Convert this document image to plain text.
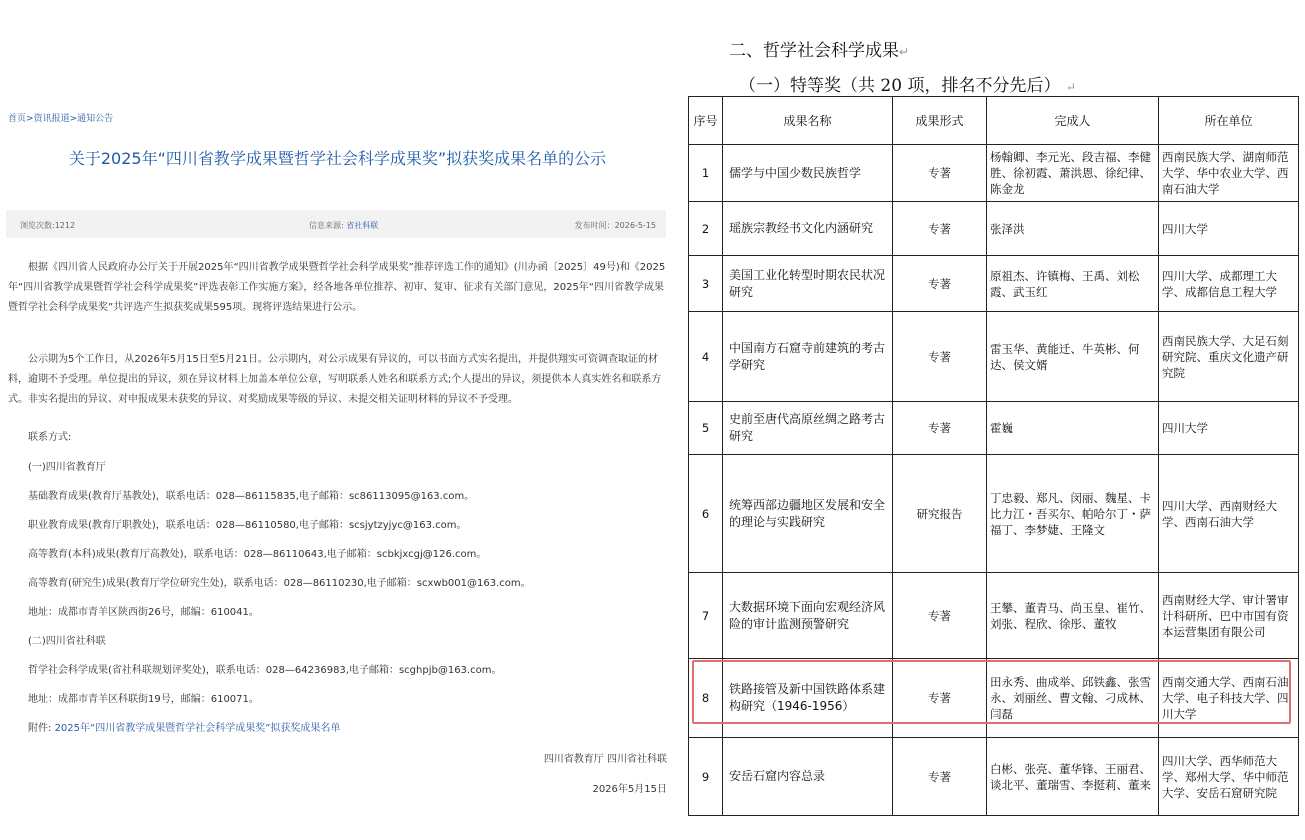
首页>资讯报道>通知公告
关于2025年“四川省教学成果暨哲学社会科学成果奖”拟获奖成果名单的公示
浏览次数:1212	信息来源: 省社科联	发布时间：2026-5-15

根据《四川省人民政府办公厅关于开展2025年“四川省教学成果暨哲学社会科学成果奖”推荐评选工作的通知》(川办函〔2025〕49号)和《2025年“四川省教学成果暨哲学社会科学成果奖”评选表彰工作实施方案》，经各地各单位推荐、初审、复审、征求有关部门意见，2025年“四川省教学成果暨哲学社会科学成果奖”共评选产生拟获奖成果595项。现将评选结果进行公示。

公示期为5个工作日，从2026年5月15日至5月21日。公示期内，对公示成果有异议的，可以书面方式实名提出，并提供翔实可资调查取证的材料，逾期不予受理。单位提出的异议，须在异议材料上加盖本单位公章，写明联系人姓名和联系方式;个人提出的异议，须提供本人真实姓名和联系方式。非实名提出的异议、对申报成果未获奖的异议、对奖励成果等级的异议、未提交相关证明材料的异议不予受理。

联系方式:
(一)四川省教育厅
基础教育成果(教育厅基教处)，联系电话：028—86115835,电子邮箱：sc86113095@163.com。
职业教育成果(教育厅职教处)，联系电话：028—86110580,电子邮箱：scsjytzyjyc@163.com。
高等教育(本科)成果(教育厅高教处)，联系电话：028—86110643,电子邮箱：scbkjxcgj@126.com。
高等教育(研究生)成果(教育厅学位研究生处)，联系电话：028—86110230,电子邮箱：scxwb001@163.com。
地址：成都市青羊区陕西街26号，邮编：610041。
(二)四川省社科联
哲学社会科学成果(省社科联规划评奖处)，联系电话：028—64236983,电子邮箱：scghpjb@163.com。
地址：成都市青羊区科联街19号，邮编：610071。
附件: 2025年“四川省教学成果暨哲学社会科学成果奖”拟获奖成果名单
四川省教育厅 四川省社科联
2026年5月15日
二、哲学社会科学成果↵
（一）特等奖（共 20 项，排名不分先后） ↵
序号	成果名称	成果形式	完成人	所在单位
1	儒学与中国少数民族哲学	专著	杨翰卿、李元光、段吉福、李健胜、徐初霞、萧洪恩、徐纪律、陈金龙	西南民族大学、湖南师范大学、华中农业大学、西南石油大学
2	瑶族宗教经书文化内涵研究	专著	张泽洪	四川大学
3	美国工业化转型时期农民状况研究	专著	原祖杰、许镇梅、王禹、刘松霞、武玉红	四川大学、成都理工大学、成都信息工程大学
4	中国南方石窟寺前建筑的考古学研究	专著	雷玉华、黄能迁、牛英彬、何达、侯文婿	西南民族大学、大足石刻研究院、重庆文化遗产研究院
5	史前至唐代高原丝绸之路考古研究	专著	霍巍	四川大学
6	统筹西部边疆地区发展和安全的理论与实践研究	研究报告	丁忠毅、郑凡、闵丽、魏星、卡比力江・吾买尔、帕哈尔丁・萨福丁、李梦婕、王隆文	四川大学、西南财经大学、西南石油大学
7	大数据环境下面向宏观经济风险的审计监测预警研究	专著	王攀、董青马、尚玉皇、崔竹、刘张、程欣、徐彤、董牧	西南财经大学、审计署审计科研所、巴中市国有资本运营集团有限公司
8	铁路接管及新中国铁路体系建构研究（1946-1956）	专著	田永秀、曲成举、邱铁鑫、张雪永、刘丽丝、曹文翰、刁成林、闫磊	西南交通大学、西南石油大学、电子科技大学、四川大学
9	安岳石窟内容总录	专著	白彬、张亮、董华锋、王丽君、谈北平、董瑞雪、李挺莉、董来	四川大学、西华师范大学、郑州大学、华中师范大学、安岳石窟研究院
